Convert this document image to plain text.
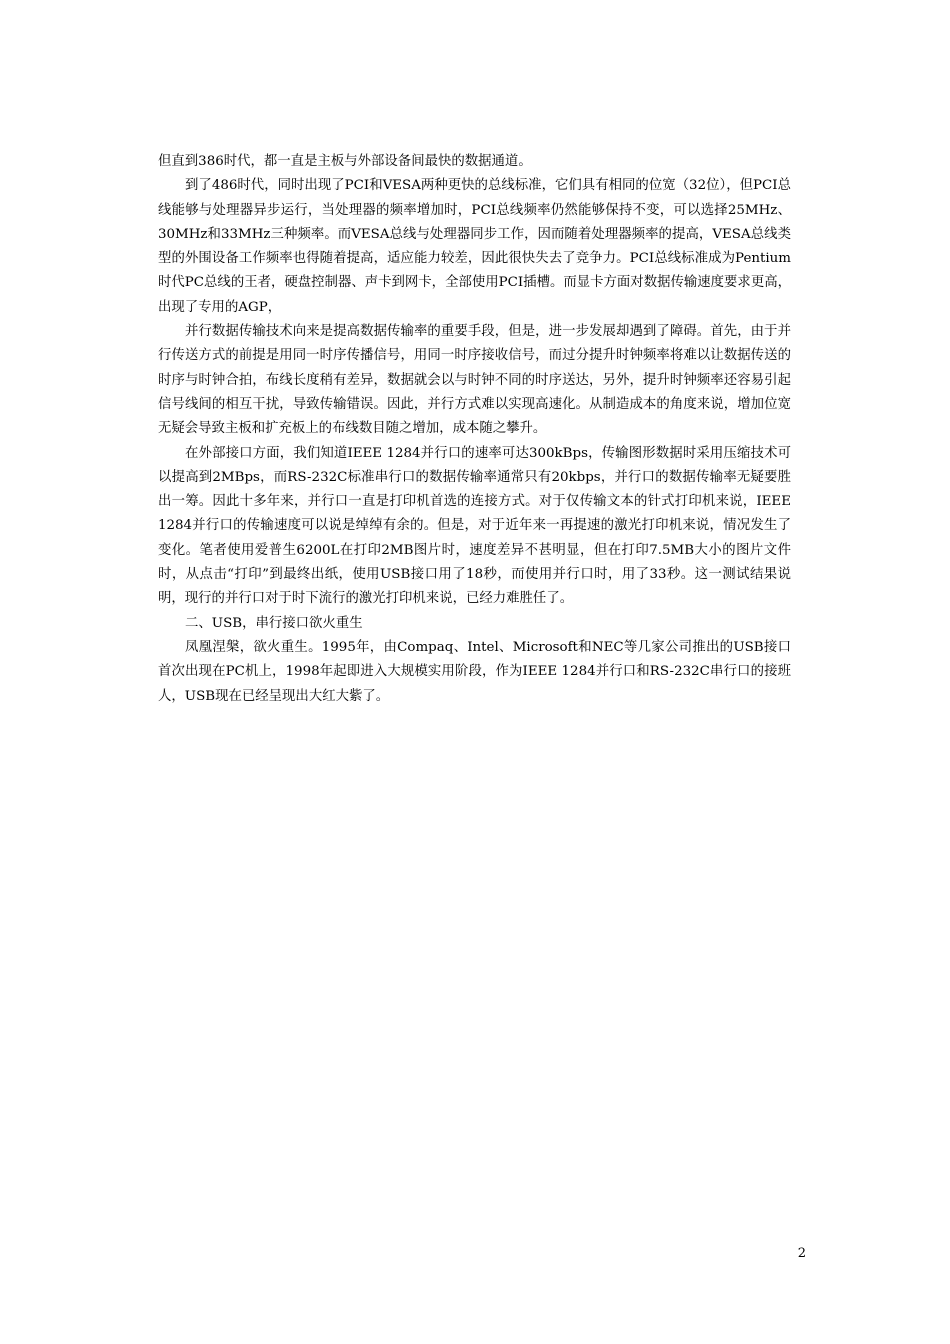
但直到386时代，都一直是主板与外部设备间最快的数据通道。

到了486时代，同时出现了PCI和VESA两种更快的总线标准，它们具有相同的位宽（32位），但PCI总线能够与处理器异步运行，当处理器的频率增加时，PCI总线频率仍然能够保持不变，可以选择25MHz、30MHz和33MHz三种频率。而VESA总线与处理器同步工作，因而随着处理器频率的提高，VESA总线类型的外围设备工作频率也得随着提高，适应能力较差，因此很快失去了竞争力。PCI总线标准成为Pentium时代PC总线的王者，硬盘控制器、声卡到网卡，全部使用PCI插槽。而显卡方面对数据传输速度要求更高，出现了专用的AGP，

并行数据传输技术向来是提高数据传输率的重要手段，但是，进一步发展却遇到了障碍。首先，由于并行传送方式的前提是用同一时序传播信号，用同一时序接收信号，而过分提升时钟频率将难以让数据传送的时序与时钟合拍，布线长度稍有差异，数据就会以与时钟不同的时序送达，另外，提升时钟频率还容易引起信号线间的相互干扰，导致传输错误。因此，并行方式难以实现高速化。从制造成本的角度来说，增加位宽无疑会导致主板和扩充板上的布线数目随之增加，成本随之攀升。

在外部接口方面，我们知道IEEE 1284并行口的速率可达300kBps，传输图形数据时采用压缩技术可以提高到2MBps，而RS-232C标准串行口的数据传输率通常只有20kbps，并行口的数据传输率无疑要胜出一筹。因此十多年来，并行口一直是打印机首选的连接方式。对于仅传输文本的针式打印机来说，IEEE 1284并行口的传输速度可以说是绰绰有余的。但是，对于近年来一再提速的激光打印机来说，情况发生了变化。笔者使用爱普生6200L在打印2MB图片时，速度差异不甚明显，但在打印7.5MB大小的图片文件时，从点击“打印”到最终出纸，使用USB接口用了18秒，而使用并行口时，用了33秒。这一测试结果说明，现行的并行口对于时下流行的激光打印机来说，已经力难胜任了。

二、USB，串行接口欲火重生

凤凰涅槃，欲火重生。1995年，由Compaq、Intel、Microsoft和NEC等几家公司推出的USB接口首次出现在PC机上，1998年起即进入大规模实用阶段，作为IEEE 1284并行口和RS-232C串行口的接班人，USB现在已经呈现出大红大紫了。

2
